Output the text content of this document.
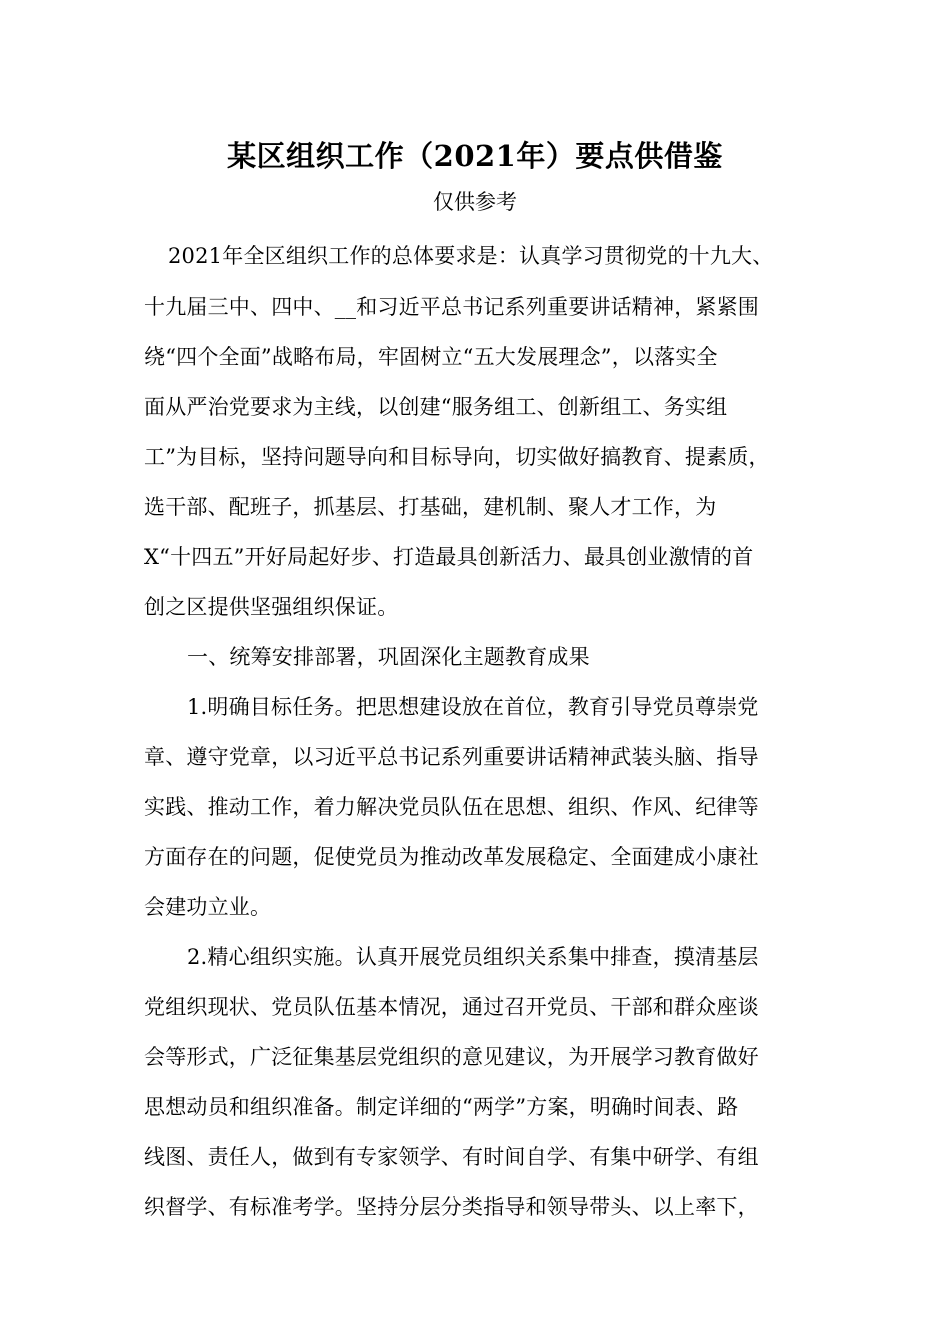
某区组织工作（2021年）要点供借鉴
仅供参考
2021年全区组织工作的总体要求是：认真学习贯彻党的十九大、
十九届三中、四中、__和习近平总书记系列重要讲话精神，紧紧围
绕“四个全面”战略布局，牢固树立“五大发展理念”，以落实全
面从严治党要求为主线，以创建“服务组工、创新组工、务实组
工”为目标，坚持问题导向和目标导向，切实做好搞教育、提素质，
选干部、配班子，抓基层、打基础，建机制、聚人才工作，为
X“十四五”开好局起好步、打造最具创新活力、最具创业激情的首
创之区提供坚强组织保证。
一、统筹安排部署，巩固深化主题教育成果
1.明确目标任务。把思想建设放在首位，教育引导党员尊崇党
章、遵守党章，以习近平总书记系列重要讲话精神武装头脑、指导
实践、推动工作，着力解决党员队伍在思想、组织、作风、纪律等
方面存在的问题，促使党员为推动改革发展稳定、全面建成小康社
会建功立业。
2.精心组织实施。认真开展党员组织关系集中排查，摸清基层
党组织现状、党员队伍基本情况，通过召开党员、干部和群众座谈
会等形式，广泛征集基层党组织的意见建议，为开展学习教育做好
思想动员和组织准备。制定详细的“两学”方案，明确时间表、路
线图、责任人，做到有专家领学、有时间自学、有集中研学、有组
织督学、有标准考学。坚持分层分类指导和领导带头、以上率下，
